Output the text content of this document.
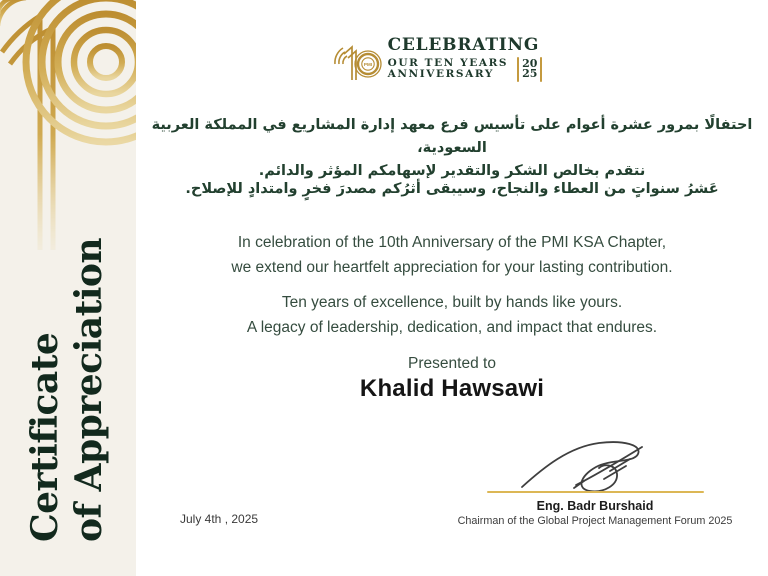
Certificate of Appreciation
PMI
CELEBRATING
OUR TEN YEARS
ANNIVERSARY
20
25
احتفالًا بمرور عشرة أعوام على تأسيس فرع معهد إدارة المشاريع في المملكة العربية السعودية،
نتقدم بخالص الشكر والتقدير لإسهامكم المؤثر والدائم.
عَشرُ سنواتٍ من العطاء والنجاح، وسيبقى أثرُكم مصدرَ فخرٍ وامتدادٍ للإصلاح.
In celebration of the 10th Anniversary of the PMI KSA Chapter,
we extend our heartfelt appreciation for your lasting contribution.
Ten years of excellence, built by hands like yours.
A legacy of leadership, dedication, and impact that endures.
Presented to
Khalid Hawsawi
Eng. Badr Burshaid
Chairman of the Global Project Management Forum 2025
July 4th , 2025
